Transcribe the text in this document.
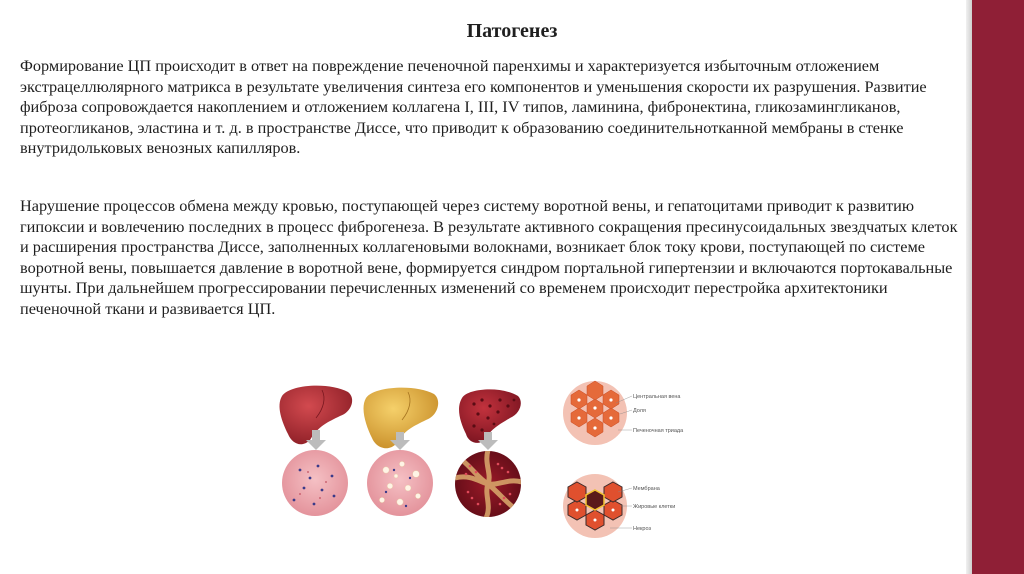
Патогенез

Формирование ЦП происходит в ответ на повреждение печеночной паренхимы и характеризуется избыточным отложением экстрацеллюлярного матрикса в результате увеличения синтеза его компонентов и уменьшения скорости их разрушения. Развитие фиброза сопровождается накоплением и отложением коллагена I, III, IV типов, ламинина, фибронектина, гликозамингликанов, протеогликанов, эластина и т. д. в пространстве Диссе, что приводит к образованию соединительнотканной мембраны в стенке внутридольковых венозных капилляров.

Нарушение процессов обмена между кровью, поступающей через систему воротной вены, и гепатоцитами приводит к развитию гипоксии и вовлечению последних в процесс фиброгенеза. В результате активного сокращения пресинусоидальных звездчатых клеток и расширения пространства Диссе, заполненных коллагеновыми волокнами, возникает блок току крови, поступающей по системе воротной вены, повышается давление в воротной вене, формируется синдром портальной гипертензии и включаются портокавальные шунты. При дальнейшем прогрессировании перечисленных изменений со временем происходит перестройка архитектоники печеночной ткани и развивается ЦП.

Центральная вена
Доля
Печеночная триада
Мембрана
Жировые клетки
Некроз
